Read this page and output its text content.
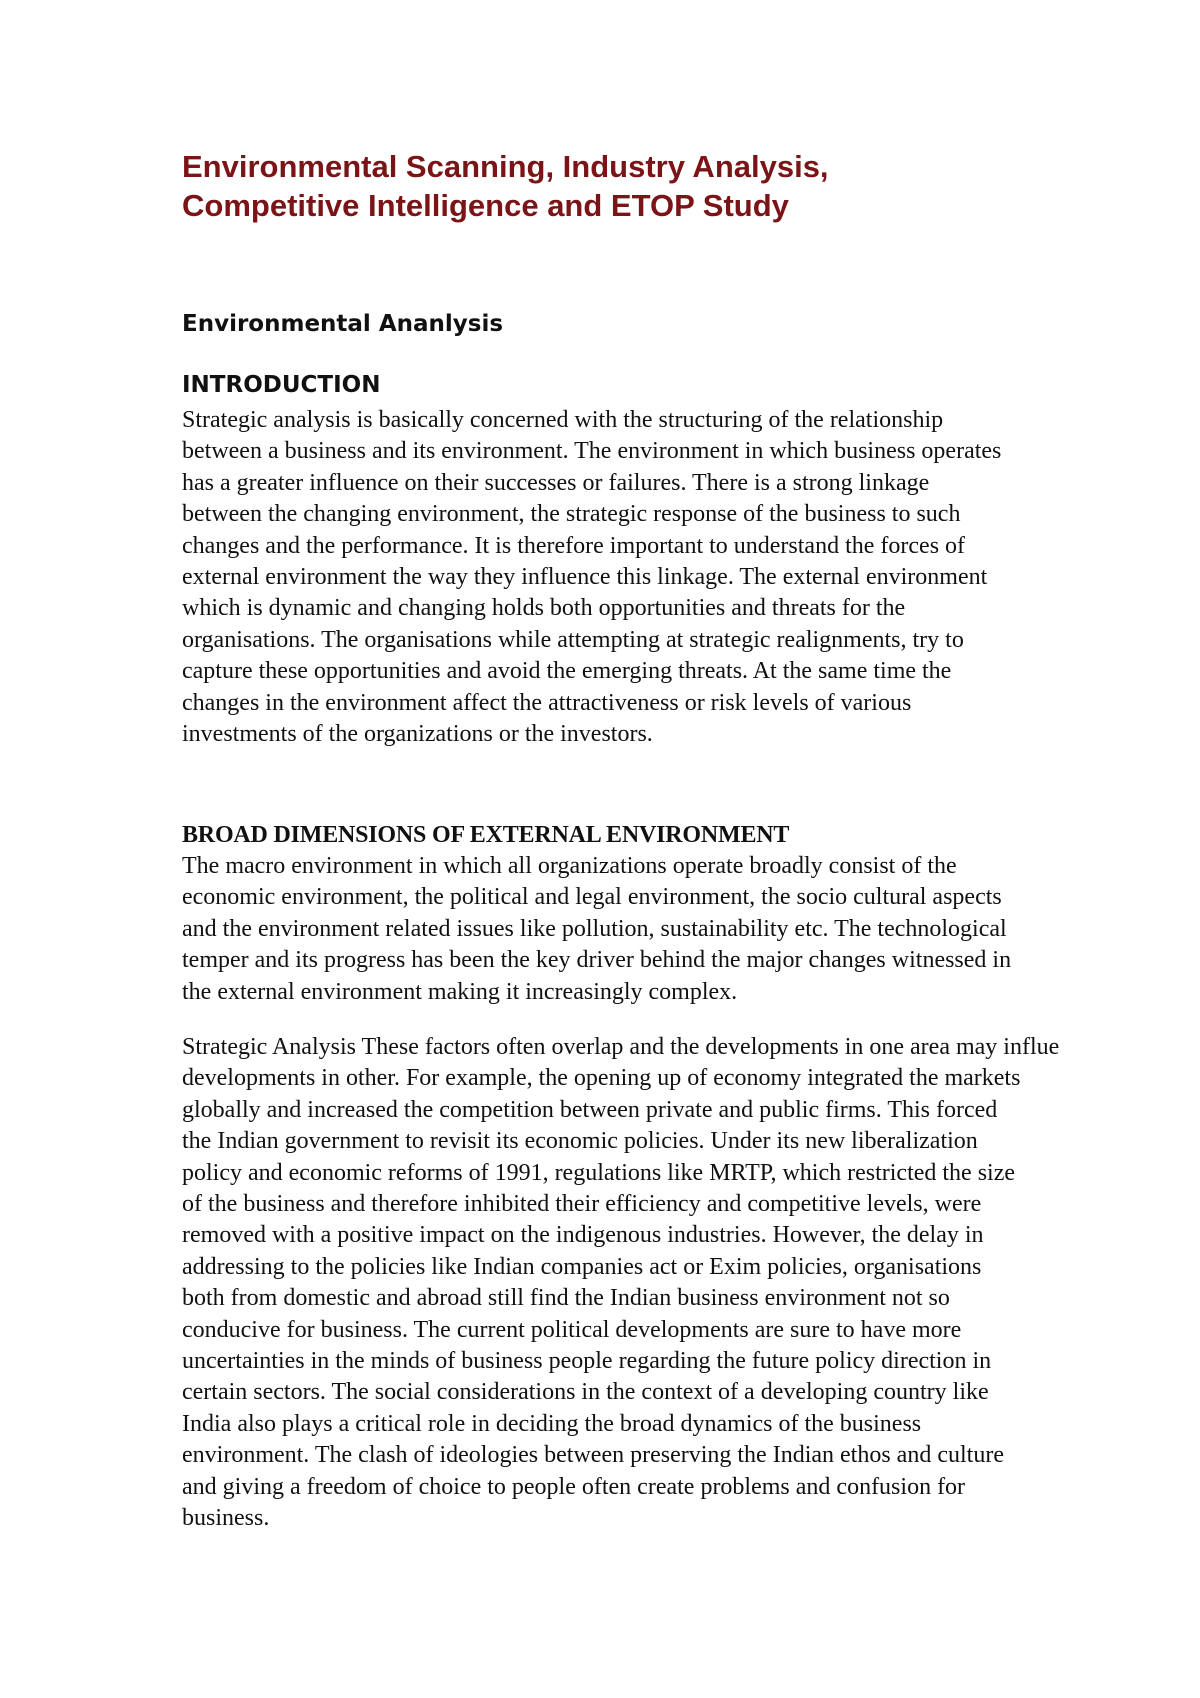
Environmental Scanning, Industry Analysis,
Competitive Intelligence and ETOP Study
Environmental Ananlysis
INTRODUCTION

Strategic analysis is basically concerned with the structuring of the relationship
between a business and its environment. The environment in which business operates
has a greater influence on their successes or failures. There is a strong linkage
between the changing environment, the strategic response of the business to such
changes and the performance. It is therefore important to understand the forces of
external environment the way they influence this linkage. The external environment
which is dynamic and changing holds both opportunities and threats for the
organisations. The organisations while attempting at strategic realignments, try to
capture these opportunities and avoid the emerging threats. At the same time the
changes in the environment affect the attractiveness or risk levels of various
investments of the organizations or the investors.

BROAD DIMENSIONS OF EXTERNAL ENVIRONMENT

The macro environment in which all organizations operate broadly consist of the
economic environment, the political and legal environment, the socio cultural aspects
and the environment related issues like pollution, sustainability etc. The technological
temper and its progress has been the key driver behind the major changes witnessed in
the external environment making it increasingly complex.

Strategic Analysis These factors often overlap and the developments in one area may influe
developments in other. For example, the opening up of economy integrated the markets
globally and increased the competition between private and public firms. This forced
the Indian government to revisit its economic policies. Under its new liberalization
policy and economic reforms of 1991, regulations like MRTP, which restricted the size
of the business and therefore inhibited their efficiency and competitive levels, were
removed with a positive impact on the indigenous industries. However, the delay in
addressing to the policies like Indian companies act or Exim policies, organisations
both from domestic and abroad still find the Indian business environment not so
conducive for business. The current political developments are sure to have more
uncertainties in the minds of business people regarding the future policy direction in
certain sectors. The social considerations in the context of a developing country like
India also plays a critical role in deciding the broad dynamics of the business
environment. The clash of ideologies between preserving the Indian ethos and culture
and giving a freedom of choice to people often create problems and confusion for
business.
